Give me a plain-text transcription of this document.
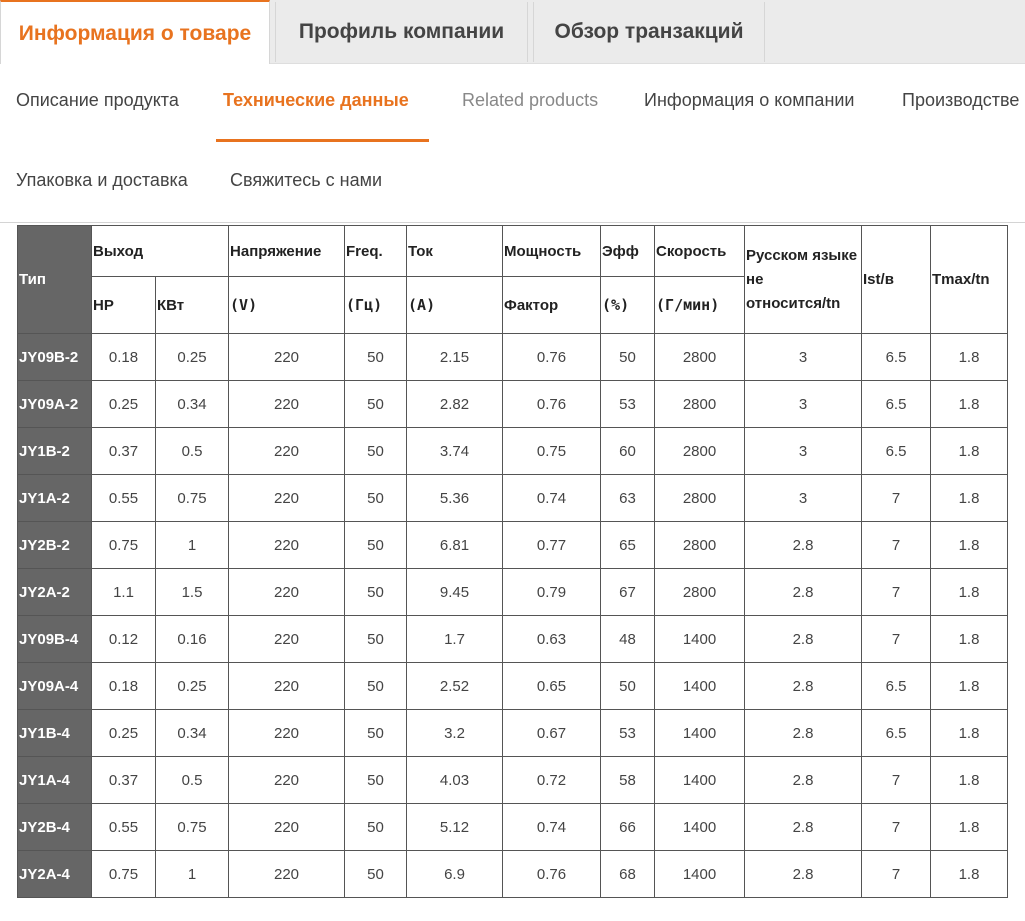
Информация о товаре	Профиль компании	Обзор транзакций
Описание продукта Технические данные	Related products	Информация о компании	Производстве
Упаковка и доставка Свяжитесь с нами
Тип	Выход		Напряжение	Freq.	Ток	Мощность	Эфф	Скорость	Русском языке не относится/tn	Ist/в	Tmax/tn
	HP	КВт	(V)	(Гц)	(A)	Фактор	(%)	(Г/мин)			
JY09B-2	0.18	0.25	220	50	2.15	0.76	50	2800	3	6.5	1.8
JY09A-2	0.25	0.34	220	50	2.82	0.76	53	2800	3	6.5	1.8
JY1B-2	0.37	0.5	220	50	3.74	0.75	60	2800	3	6.5	1.8
JY1A-2	0.55	0.75	220	50	5.36	0.74	63	2800	3	7	1.8
JY2B-2	0.75	1	220	50	6.81	0.77	65	2800	2.8	7	1.8
JY2A-2	1.1	1.5	220	50	9.45	0.79	67	2800	2.8	7	1.8
JY09B-4	0.12	0.16	220	50	1.7	0.63	48	1400	2.8	7	1.8
JY09A-4	0.18	0.25	220	50	2.52	0.65	50	1400	2.8	6.5	1.8
JY1B-4	0.25	0.34	220	50	3.2	0.67	53	1400	2.8	6.5	1.8
JY1A-4	0.37	0.5	220	50	4.03	0.72	58	1400	2.8	7	1.8
JY2B-4	0.55	0.75	220	50	5.12	0.74	66	1400	2.8	7	1.8
JY2A-4	0.75	1	220	50	6.9	0.76	68	1400	2.8	7	1.8
